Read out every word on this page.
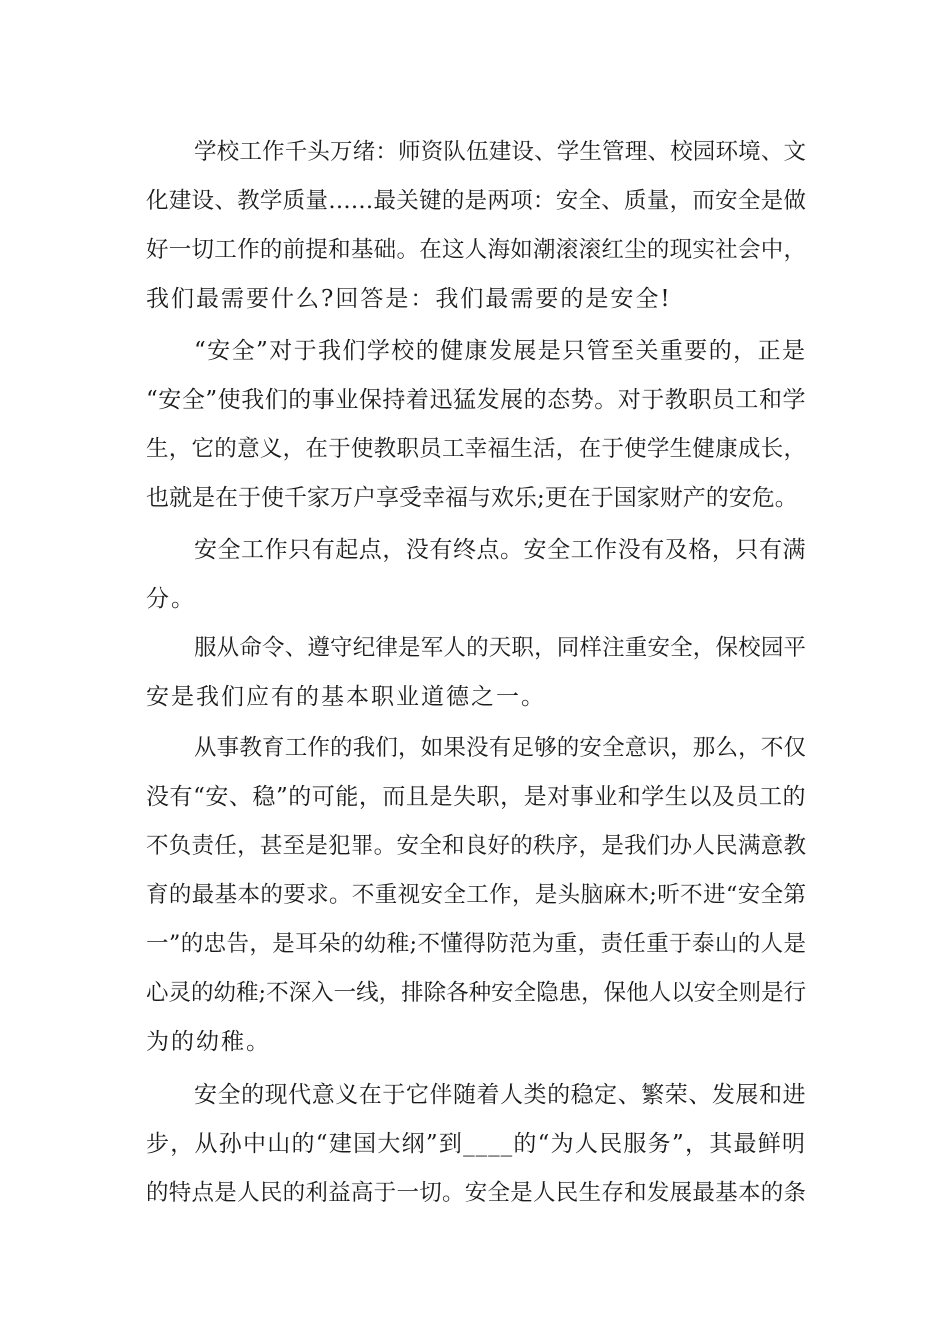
学校工作千头万绪：师资队伍建设、学生管理、校园环境、文
化建设、教学质量……最关键的是两项：安全、质量，而安全是做
好一切工作的前提和基础。在这人海如潮滚滚红尘的现实社会中，
我们最需要什么?回答是：我们最需要的是安全!
“安全”对于我们学校的健康发展是只管至关重要的，正是
“安全”使我们的事业保持着迅猛发展的态势。对于教职员工和学
生，它的意义，在于使教职员工幸福生活，在于使学生健康成长，
也就是在于使千家万户享受幸福与欢乐;更在于国家财产的安危。
安全工作只有起点，没有终点。安全工作没有及格，只有满
分。
服从命令、遵守纪律是军人的天职，同样注重安全，保校园平
安是我们应有的基本职业道德之一。
从事教育工作的我们，如果没有足够的安全意识，那么，不仅
没有“安、稳”的可能，而且是失职，是对事业和学生以及员工的
不负责任，甚至是犯罪。安全和良好的秩序，是我们办人民满意教
育的最基本的要求。不重视安全工作，是头脑麻木;听不进“安全第
一”的忠告，是耳朵的幼稚;不懂得防范为重，责任重于泰山的人是
心灵的幼稚;不深入一线，排除各种安全隐患，保他人以安全则是行
为的幼稚。
安全的现代意义在于它伴随着人类的稳定、繁荣、发展和进
步，从孙中山的“建国大纲”到____的“为人民服务”，其最鲜明
的特点是人民的利益高于一切。安全是人民生存和发展最基本的条
